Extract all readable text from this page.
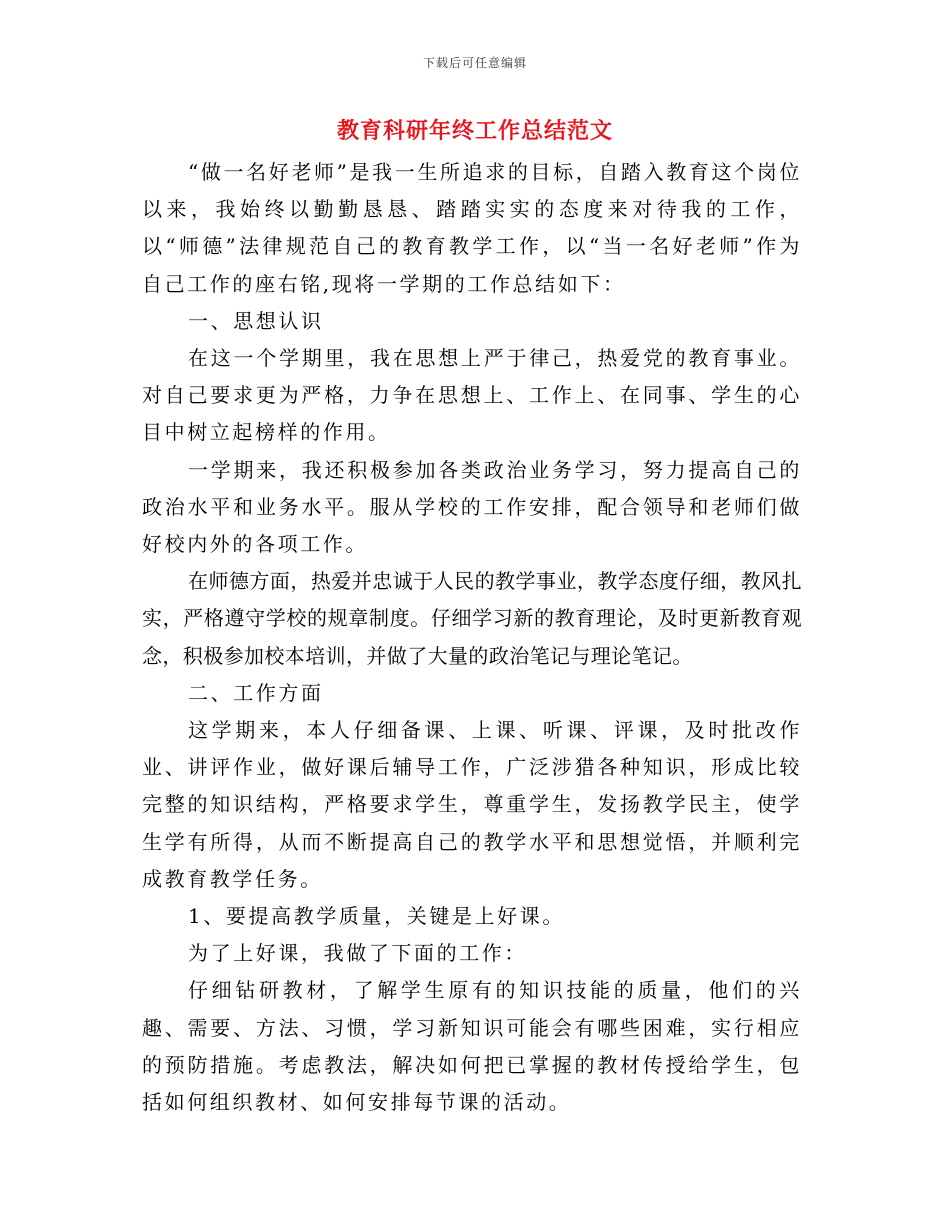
下载后可任意编辑
教育科研年终工作总结范文

“做一名好老师”是我一生所追求的目标，自踏入教育这个岗位以来，我始终以勤勤恳恳、踏踏实实的态度来对待我的工作，以“师德”法律规范自己的教育教学工作，以“当一名好老师”作为自己工作的座右铭,现将一学期的工作总结如下：

一、思想认识

在这一个学期里，我在思想上严于律己，热爱党的教育事业。对自己要求更为严格，力争在思想上、工作上、在同事、学生的心目中树立起榜样的作用。

一学期来，我还积极参加各类政治业务学习，努力提高自己的政治水平和业务水平。服从学校的工作安排，配合领导和老师们做好校内外的各项工作。

在师德方面，热爱并忠诚于人民的教学事业，教学态度仔细，教风扎实，严格遵守学校的规章制度。仔细学习新的教育理论，及时更新教育观念，积极参加校本培训，并做了大量的政治笔记与理论笔记。

二、工作方面

这学期来，本人仔细备课、上课、听课、评课，及时批改作业、讲评作业，做好课后辅导工作，广泛涉猎各种知识，形成比较完整的知识结构，严格要求学生，尊重学生，发扬教学民主，使学生学有所得，从而不断提高自己的教学水平和思想觉悟，并顺利完成教育教学任务。

1、要提高教学质量，关键是上好课。

为了上好课，我做了下面的工作：

仔细钻研教材，了解学生原有的知识技能的质量，他们的兴趣、需要、方法、习惯，学习新知识可能会有哪些困难，实行相应的预防措施。考虑教法，解决如何把已掌握的教材传授给学生，包括如何组织教材、如何安排每节课的活动。
